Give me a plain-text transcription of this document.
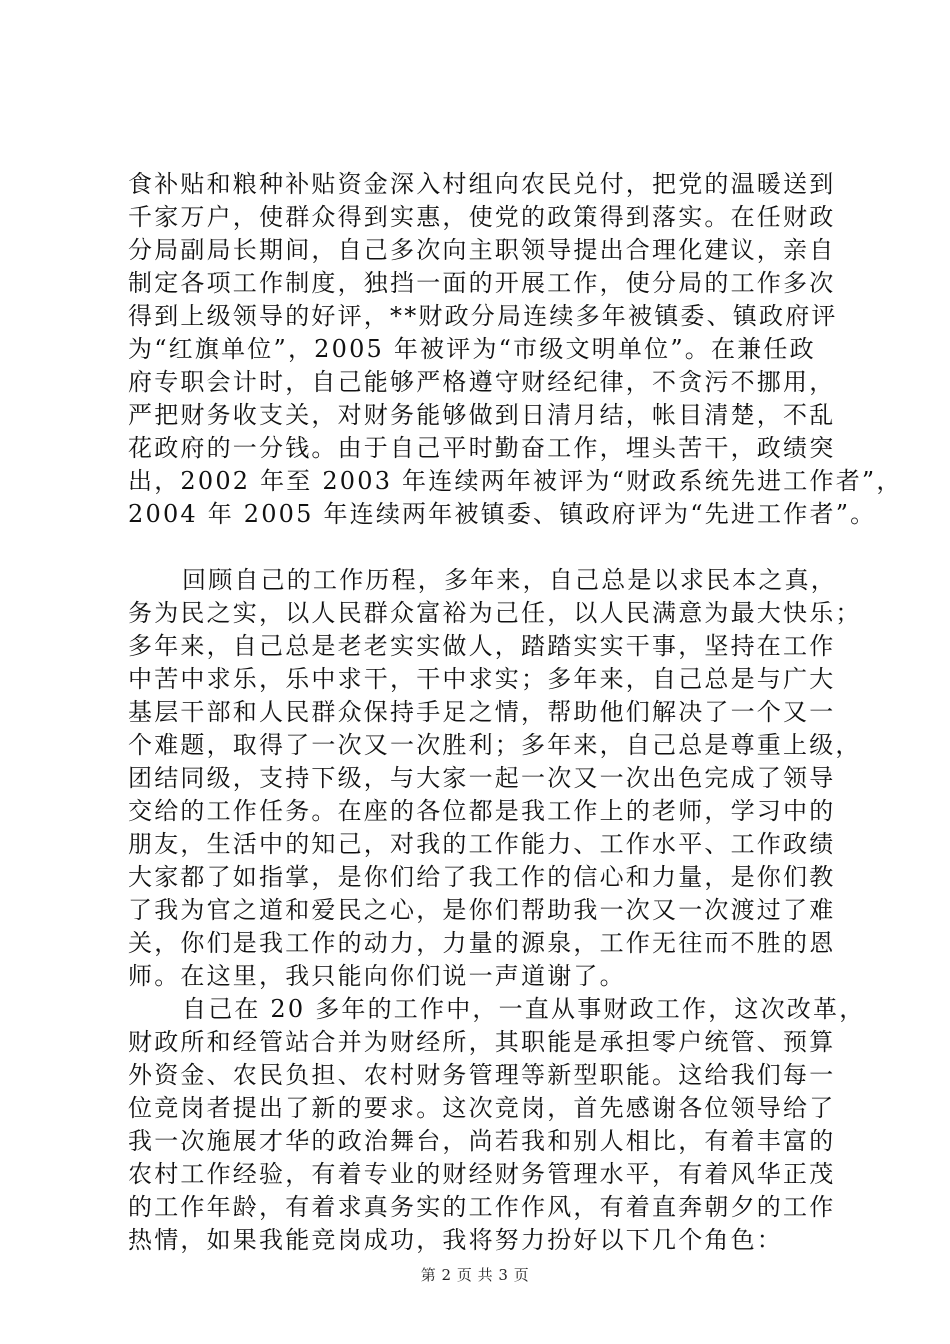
食补贴和粮种补贴资金深入村组向农民兑付，把党的温暖送到
千家万户，使群众得到实惠，使党的政策得到落实。在任财政
分局副局长期间，自己多次向主职领导提出合理化建议，亲自
制定各项工作制度，独挡一面的开展工作，使分局的工作多次
得到上级领导的好评，**财政分局连续多年被镇委、镇政府评
为“红旗单位”，2005 年被评为“市级文明单位”。在兼任政
府专职会计时，自己能够严格遵守财经纪律，不贪污不挪用，
严把财务收支关，对财务能够做到日清月结，帐目清楚，不乱
花政府的一分钱。由于自己平时勤奋工作，埋头苦干，政绩突
出，2002 年至 2003 年连续两年被评为“财政系统先进工作者”，
2004 年 2005 年连续两年被镇委、镇政府评为“先进工作者”。
回顾自己的工作历程，多年来，自己总是以求民本之真，
务为民之实，以人民群众富裕为己任，以人民满意为最大快乐；
多年来，自己总是老老实实做人，踏踏实实干事，坚持在工作
中苦中求乐，乐中求干，干中求实；多年来，自己总是与广大
基层干部和人民群众保持手足之情，帮助他们解决了一个又一
个难题，取得了一次又一次胜利；多年来，自己总是尊重上级，
团结同级，支持下级，与大家一起一次又一次出色完成了领导
交给的工作任务。在座的各位都是我工作上的老师，学习中的
朋友，生活中的知己，对我的工作能力、工作水平、工作政绩
大家都了如指掌，是你们给了我工作的信心和力量，是你们教
了我为官之道和爱民之心，是你们帮助我一次又一次渡过了难
关，你们是我工作的动力，力量的源泉，工作无往而不胜的恩
师。在这里，我只能向你们说一声道谢了。
自己在 20 多年的工作中，一直从事财政工作，这次改革，
财政所和经管站合并为财经所，其职能是承担零户统管、预算
外资金、农民负担、农村财务管理等新型职能。这给我们每一
位竞岗者提出了新的要求。这次竞岗，首先感谢各位领导给了
我一次施展才华的政治舞台，尚若我和别人相比，有着丰富的
农村工作经验，有着专业的财经财务管理水平，有着风华正茂
的工作年龄，有着求真务实的工作作风，有着直奔朝夕的工作
热情，如果我能竞岗成功，我将努力扮好以下几个角色：
第 2 页 共 3 页
